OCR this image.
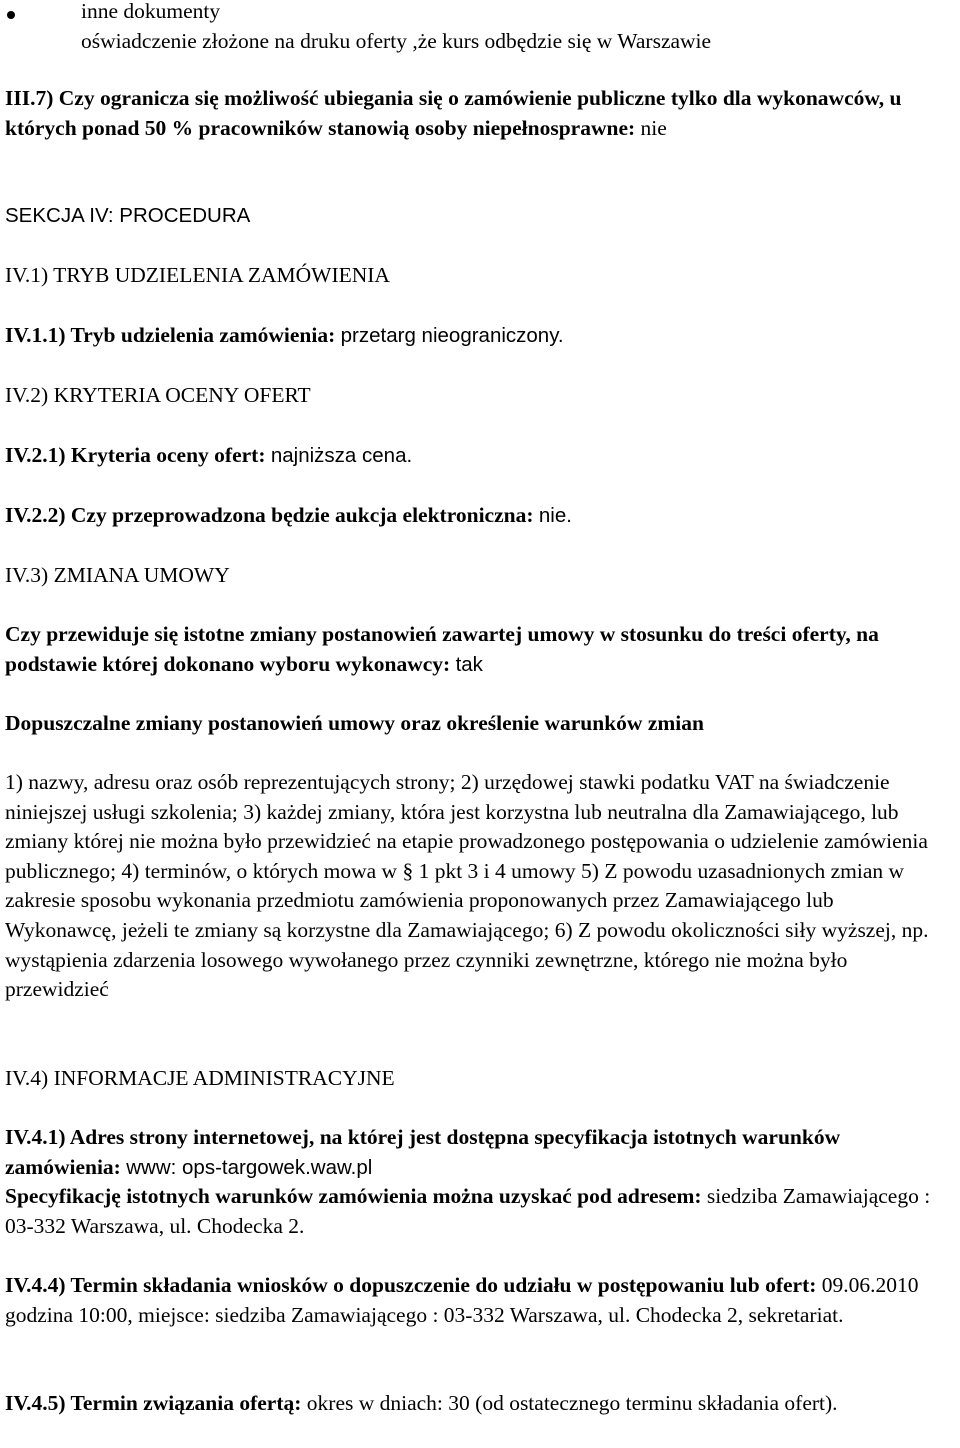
inne dokumenty
oświadczenie złożone na druku oferty ,że kurs odbędzie się w Warszawie
III.7) Czy ogranicza się możliwość ubiegania się o zamówienie publiczne tylko dla wykonawców, u których ponad 50 % pracowników stanowią osoby niepełnosprawne: nie
SEKCJA IV: PROCEDURA
IV.1) TRYB UDZIELENIA ZAMÓWIENIA
IV.1.1) Tryb udzielenia zamówienia: przetarg nieograniczony.
IV.2) KRYTERIA OCENY OFERT
IV.2.1) Kryteria oceny ofert: najniższa cena.
IV.2.2) Czy przeprowadzona będzie aukcja elektroniczna: nie.
IV.3) ZMIANA UMOWY
Czy przewiduje się istotne zmiany postanowień zawartej umowy w stosunku do treści oferty, na podstawie której dokonano wyboru wykonawcy: tak
Dopuszczalne zmiany postanowień umowy oraz określenie warunków zmian
1) nazwy, adresu oraz osób reprezentujących strony; 2) urzędowej stawki podatku VAT na świadczenie niniejszej usługi szkolenia; 3) każdej zmiany, która jest korzystna lub neutralna dla Zamawiającego, lub zmiany której nie można było przewidzieć na etapie prowadzonego postępowania o udzielenie zamówienia publicznego; 4) terminów, o których mowa w § 1 pkt 3 i 4 umowy 5) Z powodu uzasadnionych zmian w zakresie sposobu wykonania przedmiotu zamówienia proponowanych przez Zamawiającego lub Wykonawcę, jeżeli te zmiany są korzystne dla Zamawiającego; 6) Z powodu okoliczności siły wyższej, np. wystąpienia zdarzenia losowego wywołanego przez czynniki zewnętrzne, którego nie można było przewidzieć
IV.4) INFORMACJE ADMINISTRACYJNE
IV.4.1) Adres strony internetowej, na której jest dostępna specyfikacja istotnych warunków zamówienia: www: ops-targowek.waw.pl
Specyfikację istotnych warunków zamówienia można uzyskać pod adresem: siedziba Zamawiającego : 03-332 Warszawa, ul. Chodecka 2.
IV.4.4) Termin składania wniosków o dopuszczenie do udziału w postępowaniu lub ofert: 09.06.2010 godzina 10:00, miejsce: siedziba Zamawiającego : 03-332 Warszawa, ul. Chodecka 2, sekretariat.
IV.4.5) Termin związania ofertą: okres w dniach: 30 (od ostatecznego terminu składania ofert).
